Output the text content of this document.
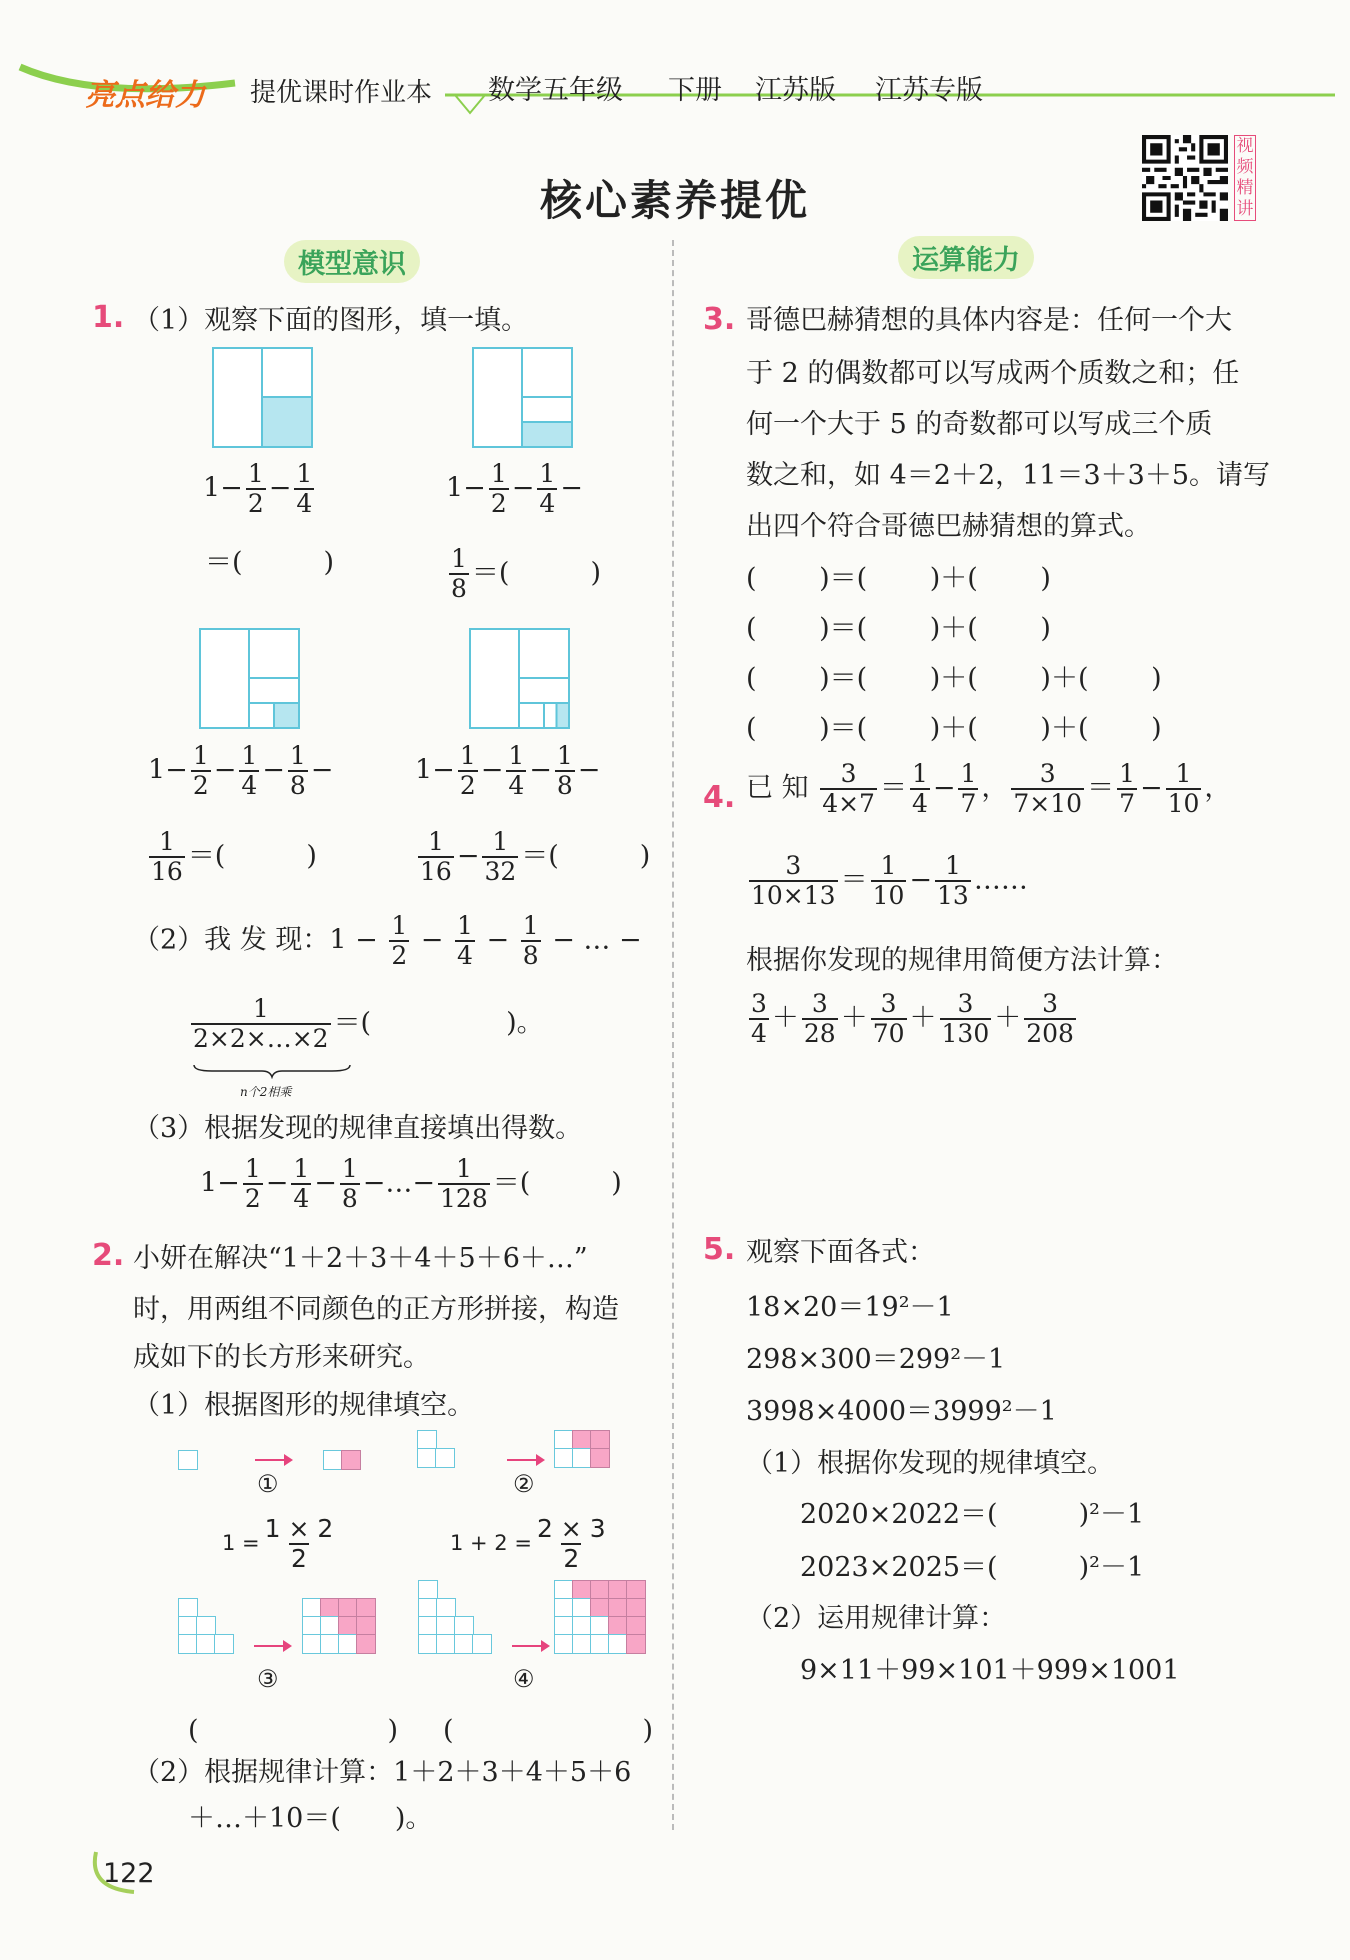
亮点给力 提优课时作业本 数学五年级 下册 江苏版 江苏专版
视频精讲
核心素养提优
模型意识	运算能力
1. （1）观察下面的图形，填一填。
$1- \frac{1}{2} - \frac{1}{4}$
＝(　　　)
$1- \frac{1}{2} - \frac{1}{4}$ −
$\frac{1}{8}$ ＝(　　　)
$1- \frac{1}{2} - \frac{1}{4} - \frac{1}{8}$ −
$\frac{1}{16}$ ＝(　　　)
$1- \frac{1}{2} - \frac{1}{4} - \frac{1}{8}$ −
$\frac{1}{16} - \frac{1}{32}$ ＝(　　　)
（2）我 发 现：$1 - \frac{1}{2} - \frac{1}{4} - \frac{1}{8}$ − … −
$\frac{1}{2\times 2\times\dots\times 2}$ ＝(　　　　　)。
n个2相乘
（3）根据发现的规律直接填出得数。
$1- \frac{1}{2} - \frac{1}{4} - \frac{1}{8}$ −…− $\frac{1}{128}$ ＝(　　　)
2. 小妍在解决“1＋2＋3＋4＋5＋6＋…”
时，用两组不同颜色的正方形拼接，构造
成如下的长方形来研究。
（1）根据图形的规律填空。
①
$1 = \frac{1 \times 2}{2}$
②
$1 + 2 = \frac{2 \times 3}{2}$
③	④
(　　　　　　　) (　　　　　　　)
（2）根据规律计算：1＋2＋3＋4＋5＋6
＋…＋10＝(　　)。
3. 哥德巴赫猜想的具体内容是：任何一个大
于 2 的偶数都可以写成两个质数之和；任
何一个大于 5 的奇数都可以写成三个质
数之和，如 4＝2＋2，11＝3＋3＋5。请写
出四个符合哥德巴赫猜想的算式。
(　　 )＝(　　 )＋(　　 )
(　　 )＝(　　 )＋(　　 )
(　　 )＝(　　 )＋(　　 )＋(　　 )
(　　 )＝(　　 )＋(　　 )＋(　　 )
4. 已 知 $\frac{3}{4\times 7} = \frac{1}{4} - \frac{1}{7}$ ， $\frac{3}{7\times 10} = \frac{1}{7} - \frac{1}{10}$ ，
$\frac{3}{10\times 13} = \frac{1}{10} - \frac{1}{13}$ ……
根据你发现的规律用简便方法计算：
$\frac{3}{4} + \frac{3}{28} + \frac{3}{70} + \frac{3}{130} + \frac{3}{208}$
5. 观察下面各式：
18×20＝19²－1
298×300＝299²－1
3998×4000＝3999²－1
（1）根据你发现的规律填空。
2020×2022＝(　　　)²－1
2023×2025＝(　　　)²－1
（2）运用规律计算：
9×11＋99×101＋999×1001
122
